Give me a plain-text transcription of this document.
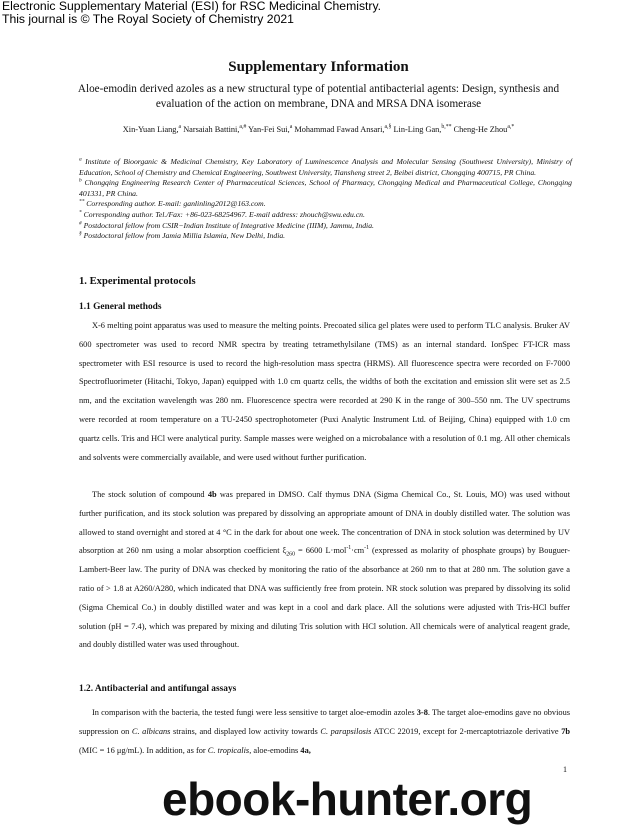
Electronic Supplementary Material (ESI) for RSC Medicinal Chemistry.
This journal is © The Royal Society of Chemistry 2021
Supplementary Information
Aloe-emodin derived azoles as a new structural type of potential antibacterial agents: Design, synthesis and evaluation of the action on membrane, DNA and MRSA DNA isomerase
Xin-Yuan Liang,$^a$ Narsaiah Battini,$^{a,\#}$ Yan-Fei Sui,$^a$ Mohammad Fawad Ansari,$^{a,\S}$ Lin-Ling Gan,$^{b,**}$ Cheng-He Zhou$^{a,*}$

$^a$ Institute of Bioorganic & Medicinal Chemistry, Key Laboratory of Luminescence Analysis and Molecular Sensing (Southwest University), Ministry of Education, School of Chemistry and Chemical Engineering, Southwest University, Tiansheng street 2, Beibei district, Chongqing 400715, PR China.

$^b$ Chongqing Engineering Research Center of Pharmaceutical Sciences, School of Pharmacy, Chongqing Medical and Pharmaceutical College, Chongqing 401331, PR China.

** Corresponding author. E-mail: ganlinling2012@163.com.

* Corresponding author. Tel./Fax: +86-023-68254967. E-mail address: zhouch@swu.edu.cn.

# Postdoctoral fellow from CSIR−Indian Institute of Integrative Medicine (IIIM), Jammu, India.

§ Postdoctoral fellow from Jamia Millia Islamia, New Delhi, India.

1. Experimental protocols
1.1 General methods

X-6 melting point apparatus was used to measure the melting points. Precoated silica gel plates were used to perform TLC analysis. Bruker AV 600 spectrometer was used to record NMR spectra by treating tetramethylsilane (TMS) as an internal standard. IonSpec FT-ICR mass spectrometer with ESI resource is used to record the high-resolution mass spectra (HRMS). All fluorescence spectra were recorded on F-7000 Spectrofluorimeter (Hitachi, Tokyo, Japan) equipped with 1.0 cm quartz cells, the widths of both the excitation and emission slit were set as 2.5 nm, and the excitation wavelength was 280 nm. Fluorescence spectra were recorded at 290 K in the range of 300–550 nm. The UV spectrums were recorded at room temperature on a TU-2450 spectrophotometer (Puxi Analytic Instrument Ltd. of Beijing, China) equipped with 1.0 cm quartz cells. Tris and HCl were analytical purity. Sample masses were weighed on a microbalance with a resolution of 0.1 mg. All other chemicals and solvents were commercially available, and were used without further purification.

The stock solution of compound 4b was prepared in DMSO. Calf thymus DNA (Sigma Chemical Co., St. Louis, MO) was used without further purification, and its stock solution was prepared by dissolving an appropriate amount of DNA in doubly distilled water. The solution was allowed to stand overnight and stored at 4 °C in the dark for about one week. The concentration of DNA in stock solution was determined by UV absorption at 260 nm using a molar absorption coefficient $\xi_{260} = 6600$ $L\cdot mol^{-1}\cdot cm^{-1}$ (expressed as molarity of phosphate groups) by Bouguer-Lambert-Beer law. The purity of DNA was checked by monitoring the ratio of the absorbance at 260 nm to that at 280 nm. The solution gave a ratio of > 1.8 at A260/A280, which indicated that DNA was sufficiently free from protein. NR stock solution was prepared by dissolving its solid (Sigma Chemical Co.) in doubly distilled water and was kept in a cool and dark place. All the solutions were adjusted with Tris-HCl buffer solution (pH = 7.4), which was prepared by mixing and diluting Tris solution with HCl solution. All chemicals were of analytical reagent grade, and doubly distilled water was used throughout.

1.2. Antibacterial and antifungal assays

In comparison with the bacteria, the tested fungi were less sensitive to target aloe-emodin azoles 3-8. The target aloe-emodins gave no obvious suppression on C. albicans strains, and displayed low activity towards C. parapsilosis ATCC 22019, except for 2-mercaptotriazole derivative 7b (MIC = 16 μg/mL). In addition, as for C. tropicalis, aloe-emodins 4a,

1
ebook-hunter.org
